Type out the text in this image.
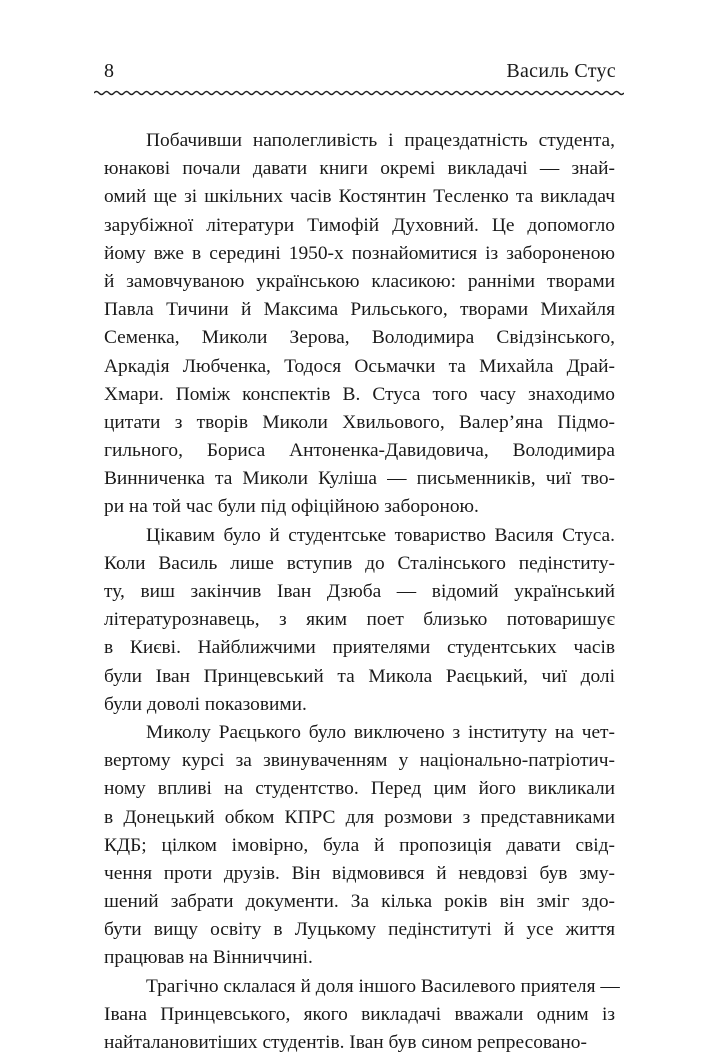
8	Василь Стус
Побачивши наполегливість і працездатність студента,
юнакові почали давати книги окремі викладачі — знай-
омий ще зі шкільних часів Костянтин Тесленко та викладач
зарубіжної літератури Тимофій Духовний. Це допомогло
йому вже в середині 1950-х познайомитися із забороненою
й замовчуваною українською класикою: ранніми творами
Павла Тичини й Максима Рильського, творами Михайля
Семенка, Миколи Зерова, Володимира Свідзінського,
Аркадія Любченка, Тодося Осьмачки та Михайла Драй-
Хмари. Поміж конспектів В. Стуса того часу знаходимо
цитати з творів Миколи Хвильового, Валер’яна Підмо-
гильного, Бориса Антоненка-Давидовича, Володимира
Винниченка та Миколи Куліша — письменників, чиї тво-
ри на той час були під офіційною забороною.
Цікавим було й студентське товариство Василя Стуса.
Коли Василь лише вступив до Сталінського педінститу-
ту, виш закінчив Іван Дзюба — відомий український
літературознавець, з яким поет близько потоваришує
в Києві. Найближчими приятелями студентських часів
були Іван Принцевський та Микола Раєцький, чиї долі
були доволі показовими.
Миколу Раєцького було виключено з інституту на чет-
вертому курсі за звинуваченням у національно-патріотич-
ному впливі на студентство. Перед цим його викликали
в Донецький обком КПРС для розмови з представниками
КДБ; цілком імовірно, була й пропозиція давати свід-
чення проти друзів. Він відмовився й невдовзі був зму-
шений забрати документи. За кілька років він зміг здо-
бути вищу освіту в Луцькому педінституті й усе життя
працював на Вінниччині.
Трагічно склалася й доля іншого Василевого приятеля —
Івана Принцевського, якого викладачі вважали одним із
найталановитіших студентів. Іван був сином репресовано-
